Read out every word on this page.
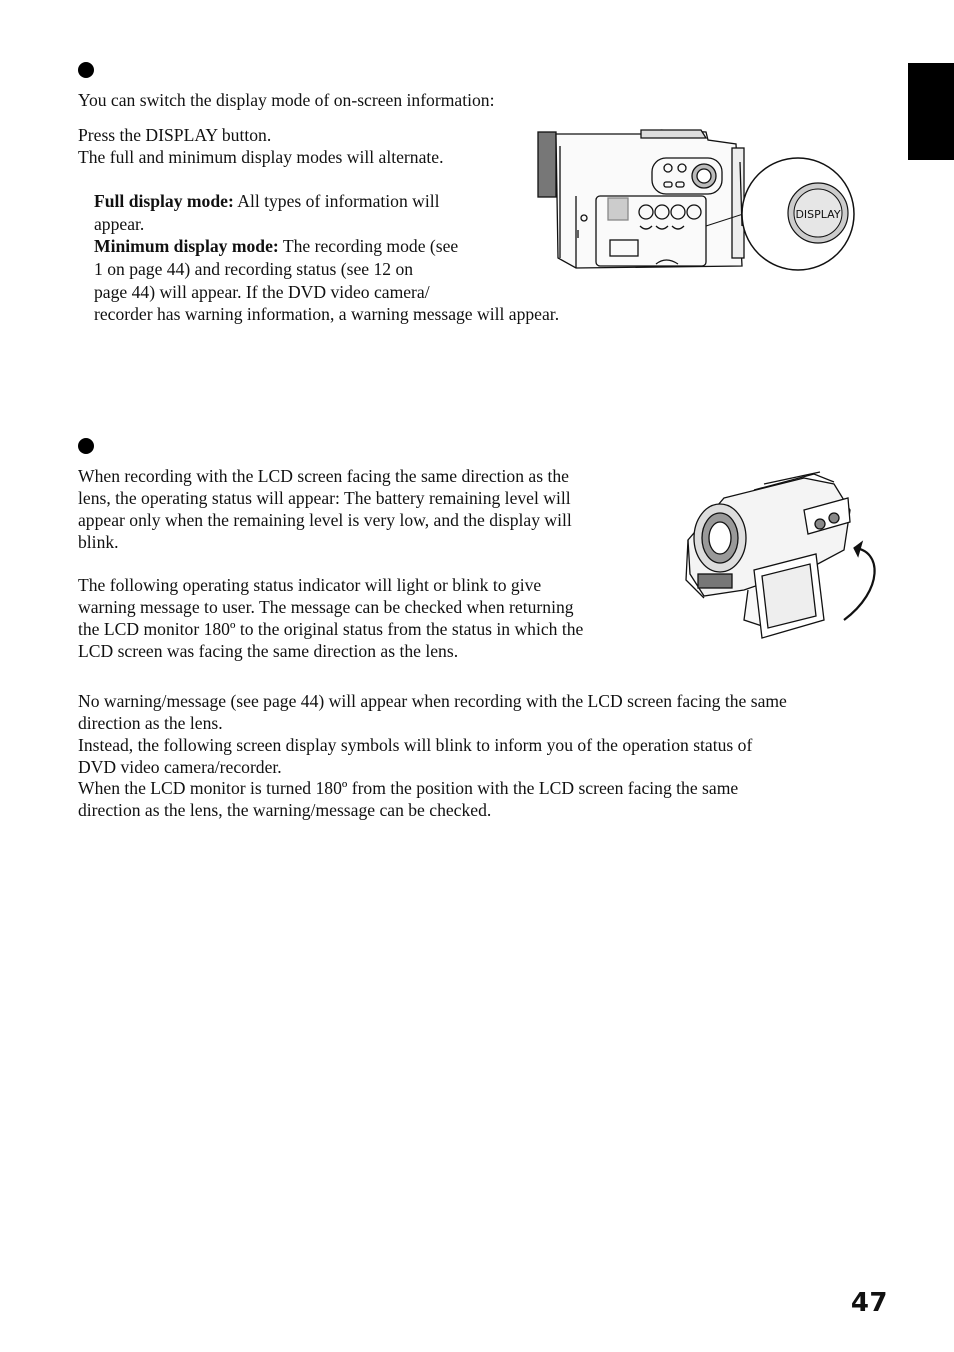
You can switch the display mode of on-screen information:
Press the DISPLAY button.
The full and minimum display modes will alternate.
Full display mode: All types of information will
appear.
Minimum display mode: The recording mode (see
1 on page 44) and recording status (see 12 on
page 44) will appear. If the DVD video camera/
recorder has warning information, a warning message will appear.
DISPLAY
When recording with the LCD screen facing the same direction as the
lens, the operating status will appear: The battery remaining level will
appear only when the remaining level is very low, and the display will
blink.
The following operating status indicator will light or blink to give
warning message to user. The message can be checked when returning
the LCD monitor 180º to the original status from the status in which the
LCD screen was facing the same direction as the lens.
No warning/message (see page 44) will appear when recording with the LCD screen facing the same
direction as the lens.
Instead, the following screen display symbols will blink to inform you of the operation status of
DVD video camera/recorder.
When the LCD monitor is turned 180º from the position with the LCD screen facing the same
direction as the lens, the warning/message can be checked.
47
